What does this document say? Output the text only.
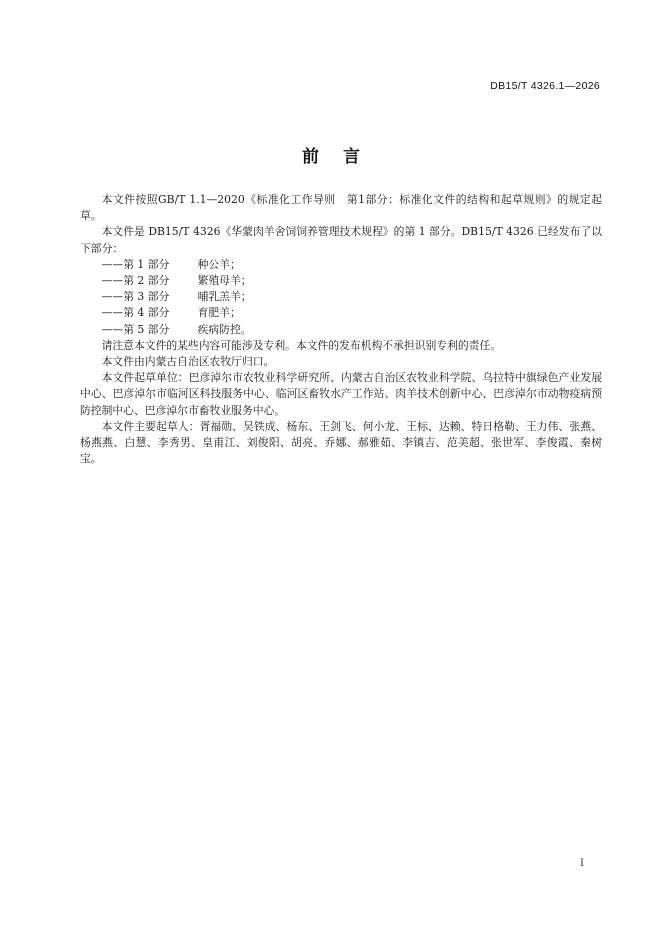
DB15/T 4326.1—2026
前言

本文件按照GB/T 1.1—2020《标准化工作导则　第1部分：标准化文件的结构和起草规则》的规定起草。

本文件是 DB15/T 4326《华蒙肉羊舍饲饲养管理技术规程》的第 1 部分。DB15/T 4326 已经发布了以下部分：

——第 1 部分	种公羊；

——第 2 部分	繁殖母羊；

——第 3 部分	哺乳羔羊；

——第 4 部分	育肥羊；

——第 5 部分	疾病防控。

请注意本文件的某些内容可能涉及专利。本文件的发布机构不承担识别专利的责任。

本文件由内蒙古自治区农牧厅归口。

本文件起草单位：巴彦淖尔市农牧业科学研究所、内蒙古自治区农牧业科学院、乌拉特中旗绿色产业发展中心、巴彦淖尔市临河区科技服务中心、临河区畜牧水产工作站、肉羊技术创新中心、巴彦淖尔市动物疫病预防控制中心、巴彦淖尔市畜牧业服务中心。

本文件主要起草人：胥福勋、吴铁成、杨东、王剑飞、何小龙、王标、达赖、特日格勒、王力伟、张燕、杨燕燕、白慧、李秀男、皇甫江、刘俊阳、胡亮、乔娜、郝雅茹、李镇吉、范美超、张世军、李俊霞、秦树宝。

I
